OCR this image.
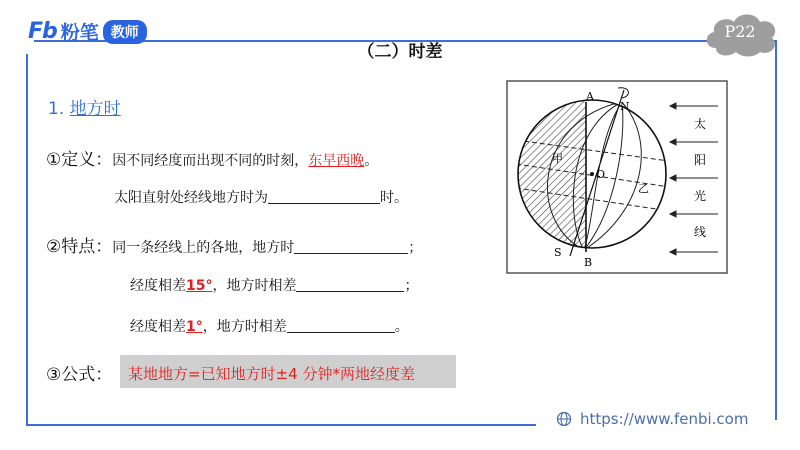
Fb 粉笔 教师
（二）时差
P22
1. 地方时
①定义：因不同经度而出现不同的时刻，东早西晚。
太阳直射处经线地方时为	时。
②特点：同一条经线上的各地，地方时	；
经度相差15°，地方时相差	；
经度相差1°，地方时相差	。
③公式： 某地地方=已知地方时±4 分钟*两地经度差
A
N
O
S
B
甲
乙
太
阳
光
线
https://www.fenbi.com
